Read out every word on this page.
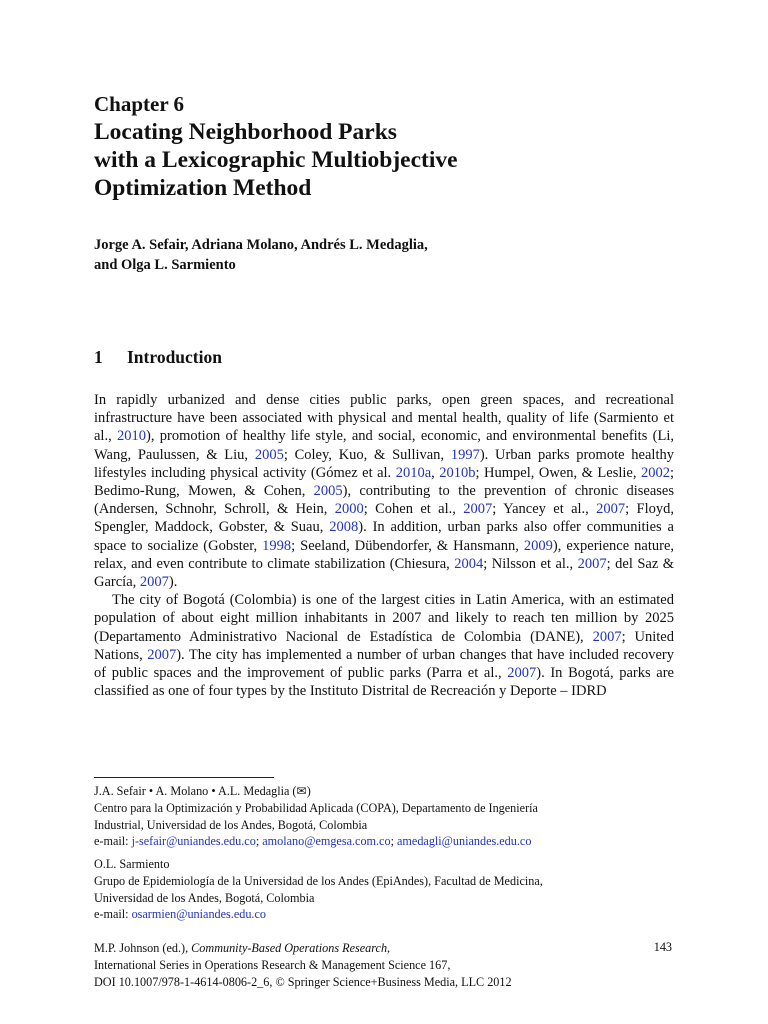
Chapter 6
Locating Neighborhood Parks
with a Lexicographic Multiobjective
Optimization Method
Jorge A. Sefair, Adriana Molano, Andrés L. Medaglia,
and Olga L. Sarmiento
1 Introduction

In rapidly urbanized and dense cities public parks, open green spaces, and recreational infrastructure have been associated with physical and mental health, quality of life (Sarmiento et al., 2010), promotion of healthy life style, and social, economic, and environmental benefits (Li, Wang, Paulussen, & Liu, 2005; Coley, Kuo, & Sullivan, 1997). Urban parks promote healthy lifestyles including physical activity (Gómez et al. 2010a, 2010b; Humpel, Owen, & Leslie, 2002; Bedimo-Rung, Mowen, & Cohen, 2005), contributing to the prevention of chronic diseases (Andersen, Schnohr, Schroll, & Hein, 2000; Cohen et al., 2007; Yancey et al., 2007; Floyd, Spengler, Maddock, Gobster, & Suau, 2008). In addition, urban parks also offer communities a space to socialize (Gobster, 1998; Seeland, Dübendorfer, & Hansmann, 2009), experience nature, relax, and even contribute to climate stabilization (Chiesura, 2004; Nilsson et al., 2007; del Saz & García, 2007).

The city of Bogotá (Colombia) is one of the largest cities in Latin America, with an estimated population of about eight million inhabitants in 2007 and likely to reach ten million by 2025 (Departamento Administrativo Nacional de Estadística de Colombia (DANE), 2007; United Nations, 2007). The city has implemented a number of urban changes that have included recovery of public spaces and the improvement of public parks (Parra et al., 2007). In Bogotá, parks are classified as one of four types by the Instituto Distrital de Recreación y Deporte – IDRD

J.A. Sefair • A. Molano • A.L. Medaglia (✉)
Centro para la Optimización y Probabilidad Aplicada (COPA), Departamento de Ingeniería
Industrial, Universidad de los Andes, Bogotá, Colombia
e-mail: j-sefair@uniandes.edu.co; amolano@emgesa.com.co; amedagli@uniandes.edu.co
O.L. Sarmiento
Grupo de Epidemiología de la Universidad de los Andes (EpiAndes), Facultad de Medicina,
Universidad de los Andes, Bogotá, Colombia
e-mail: osarmien@uniandes.edu.co
M.P. Johnson (ed.), Community-Based Operations Research,
International Series in Operations Research & Management Science 167,
DOI 10.1007/978-1-4614-0806-2_6, © Springer Science+Business Media, LLC 2012
143
